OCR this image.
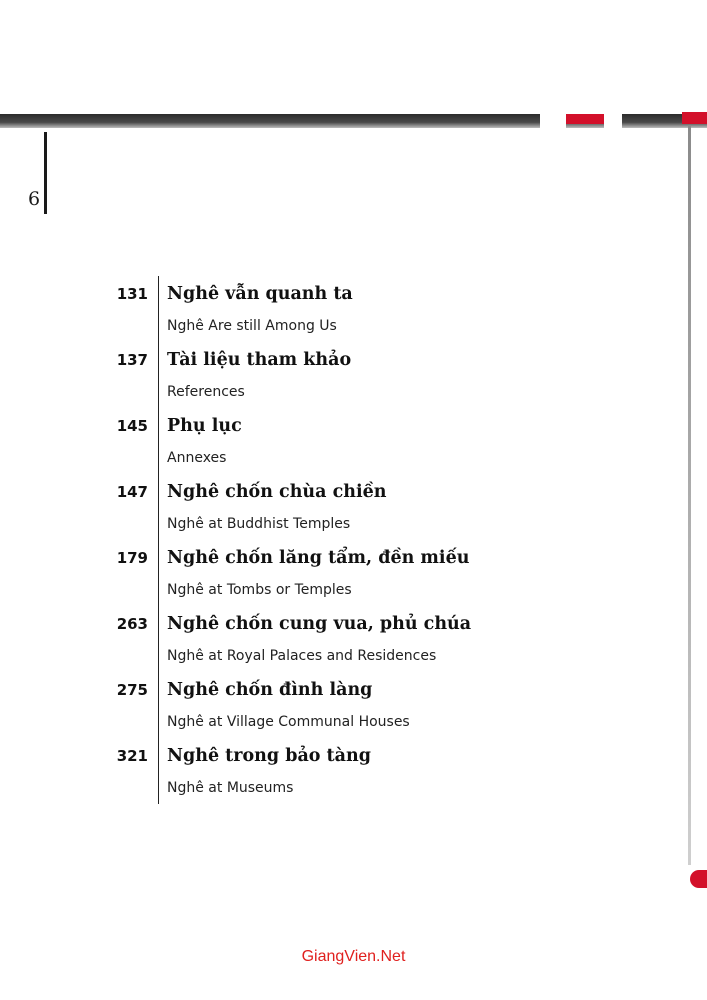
6
131	Nghê vẫn quanh ta
Nghê Are still Among Us
137	Tài liệu tham khảo
References
145	Phụ lục
Annexes
147	Nghê chốn chùa chiền
Nghê at Buddhist Temples
179	Nghê chốn lăng tẩm, đền miếu
Nghê at Tombs or Temples
263	Nghê chốn cung vua, phủ chúa
Nghê at Royal Palaces and Residences
275	Nghê chốn đình làng
Nghê at Village Communal Houses
321	Nghê trong bảo tàng
Nghê at Museums
GiangVien.Net
